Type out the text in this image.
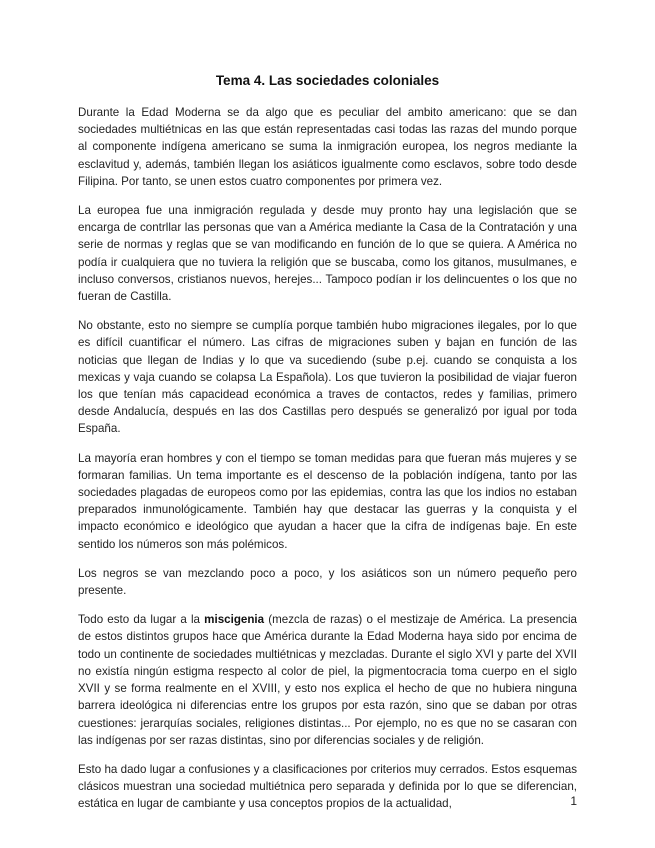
Tema 4. Las sociedades coloniales

Durante la Edad Moderna se da algo que es peculiar del ambito americano: que se dan sociedades multiétnicas en las que están representadas casi todas las razas del mundo porque al componente indígena americano se suma la inmigración europea, los negros mediante la esclavitud y, además, también llegan los asiáticos igualmente como esclavos, sobre todo desde Filipina. Por tanto, se unen estos cuatro componentes por primera vez.

La europea fue una inmigración regulada y desde muy pronto hay una legislación que se encarga de contrllar las personas que van a América mediante la Casa de la Contratación y una serie de normas y reglas que se van modificando en función de lo que se quiera. A América no podía ir cualquiera que no tuviera la religión que se buscaba, como los gitanos, musulmanes, e incluso conversos, cristianos nuevos, herejes... Tampoco podían ir los delincuentes o los que no fueran de Castilla.

No obstante, esto no siempre se cumplía porque también hubo migraciones ilegales, por lo que es difícil cuantificar el número. Las cifras de migraciones suben y bajan en función de las noticias que llegan de Indias y lo que va sucediendo (sube p.ej. cuando se conquista a los mexicas y vaja cuando se colapsa La Española). Los que tuvieron la posibilidad de viajar fueron los que tenían más capacidead económica a traves de contactos, redes y familias, primero desde Andalucía, después en las dos Castillas pero después se generalizó por igual por toda España.

La mayoría eran hombres y con el tiempo se toman medidas para que fueran más mujeres y se formaran familias. Un tema importante es el descenso de la población indígena, tanto por las sociedades plagadas de europeos como por las epidemias, contra las que los indios no estaban preparados inmunológicamente. También hay que destacar las guerras y la conquista y el impacto económico e ideológico que ayudan a hacer que la cifra de indígenas baje. En este sentido los números son más polémicos.

Los negros se van mezclando poco a poco, y los asiáticos son un número pequeño pero presente.

Todo esto da lugar a la miscigenia (mezcla de razas) o el mestizaje de América. La presencia de estos distintos grupos hace que América durante la Edad Moderna haya sido por encima de todo un continente de sociedades multiétnicas y mezcladas. Durante el siglo XVI y parte del XVII no existía ningún estigma respecto al color de piel, la pigmentocracia toma cuerpo en el siglo XVII y se forma realmente en el XVIII, y esto nos explica el hecho de que no hubiera ninguna barrera ideológica ni diferencias entre los grupos por esta razón, sino que se daban por otras cuestiones: jerarquías sociales, religiones distintas... Por ejemplo, no es que no se casaran con las indígenas por ser razas distintas, sino por diferencias sociales y de religión.

Esto ha dado lugar a confusiones y a clasificaciones por criterios muy cerrados. Estos esquemas clásicos muestran una sociedad multiétnica pero separada y definida por lo que se diferencian, estática en lugar de cambiante y usa conceptos propios de la actualidad,	1
